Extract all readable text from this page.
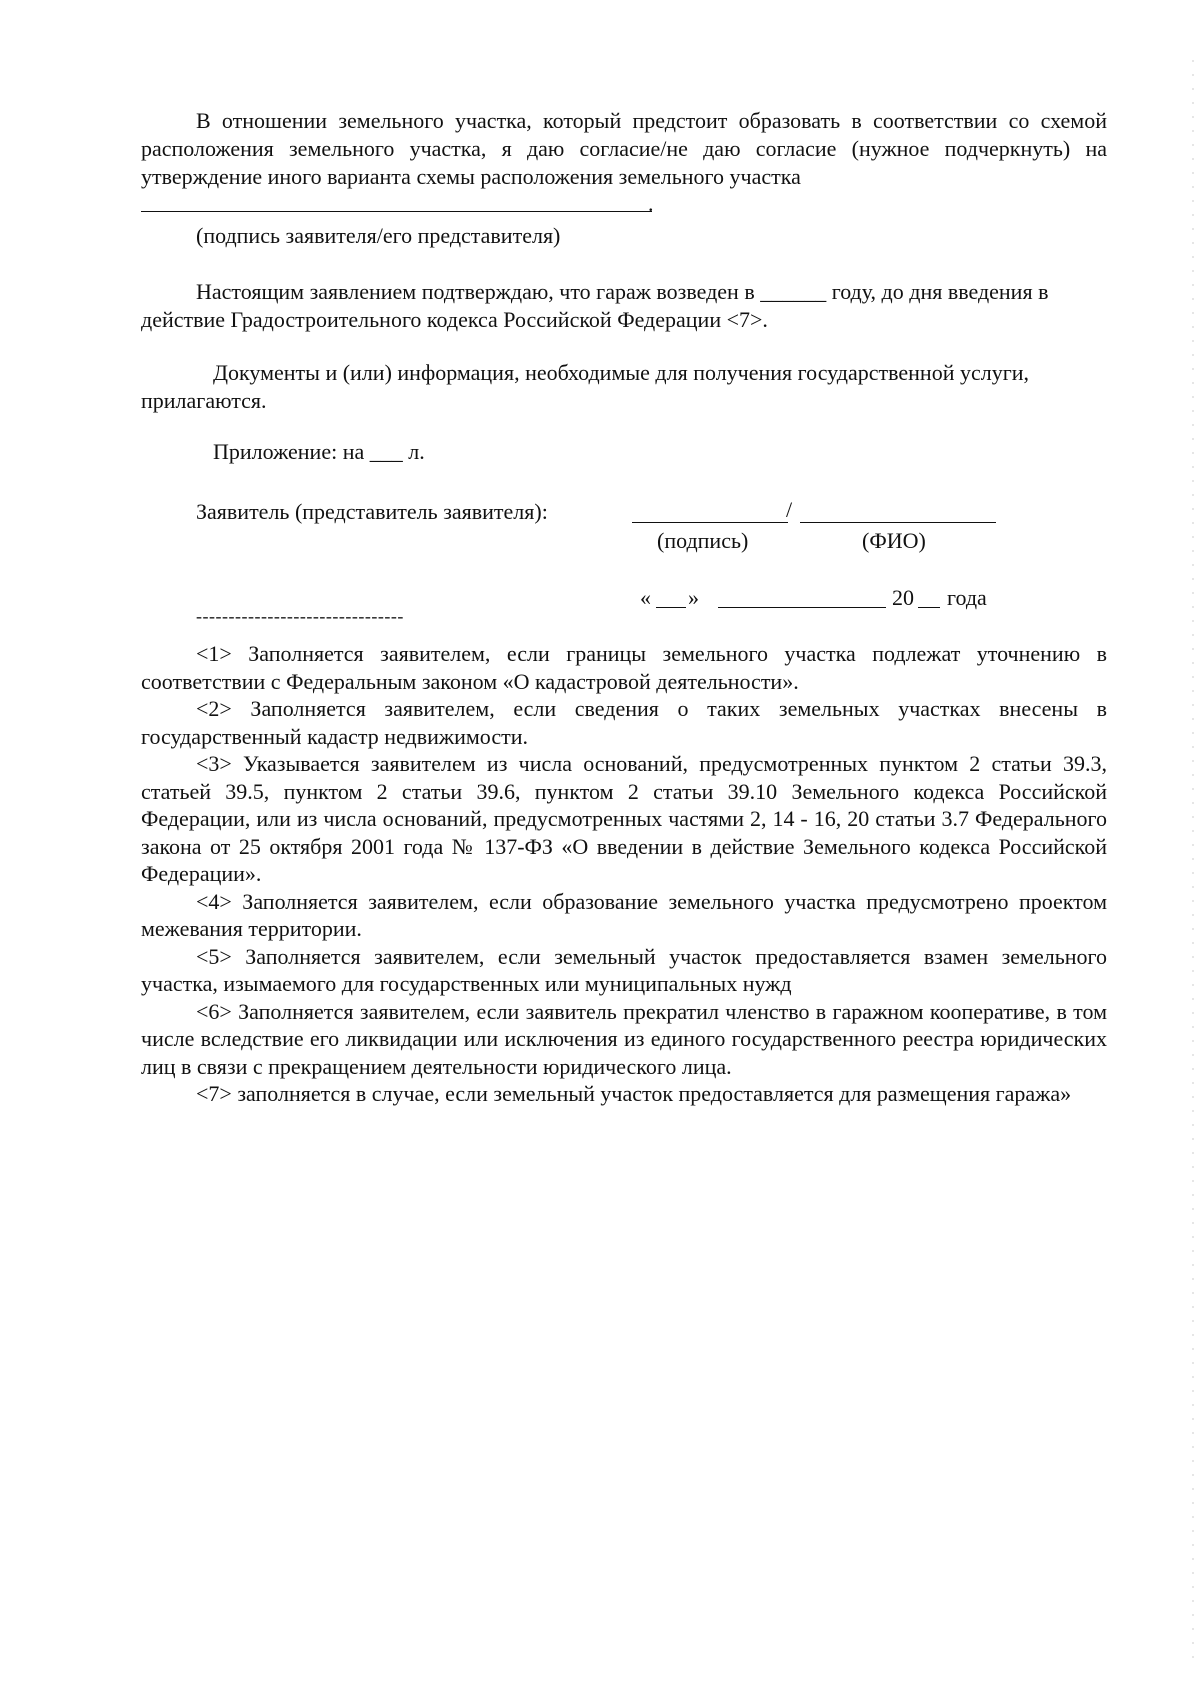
В отношении земельного участка, который предстоит образовать в соответствии со схемой расположения земельного участка, я даю согласие/не даю согласие (нужное подчеркнуть) на утверждение иного варианта схемы расположения земельного участка

.
(подпись заявителя/его представителя)

Настоящим заявлением подтверждаю, что гараж возведен в ______ году, до дня введения в действие Градостроительного кодекса Российской Федерации <7>.

Документы и (или) информация, необходимые для получения государственной услуги, прилагаются.

Приложение: на ___ л.

Заявитель (представитель заявителя):	/
(подпись)	(ФИО)
« »	20 года
--------------------------------

<1> Заполняется заявителем, если границы земельного участка подлежат уточнению в соответствии с Федеральным законом «О кадастровой деятельности».

<2> Заполняется заявителем, если сведения о таких земельных участках внесены в государственный кадастр недвижимости.

<3> Указывается заявителем из числа оснований, предусмотренных пунктом 2 статьи 39.3, статьей 39.5, пунктом 2 статьи 39.6, пунктом 2 статьи 39.10 Земельного кодекса Российской Федерации, или из числа оснований, предусмотренных частями 2, 14 - 16, 20 статьи 3.7 Федерального закона от 25 октября 2001 года № 137-ФЗ «О введении в действие Земельного кодекса Российской Федерации».

<4> Заполняется заявителем, если образование земельного участка предусмотрено проектом межевания территории.

<5> Заполняется заявителем, если земельный участок предоставляется взамен земельного участка, изымаемого для государственных или муниципальных нужд

<6> Заполняется заявителем, если заявитель прекратил членство в гаражном кооперативе, в том числе вследствие его ликвидации или исключения из единого государственного реестра юридических лиц в связи с прекращением деятельности юридического лица.

<7> заполняется в случае, если земельный участок предоставляется для размещения гаража»
